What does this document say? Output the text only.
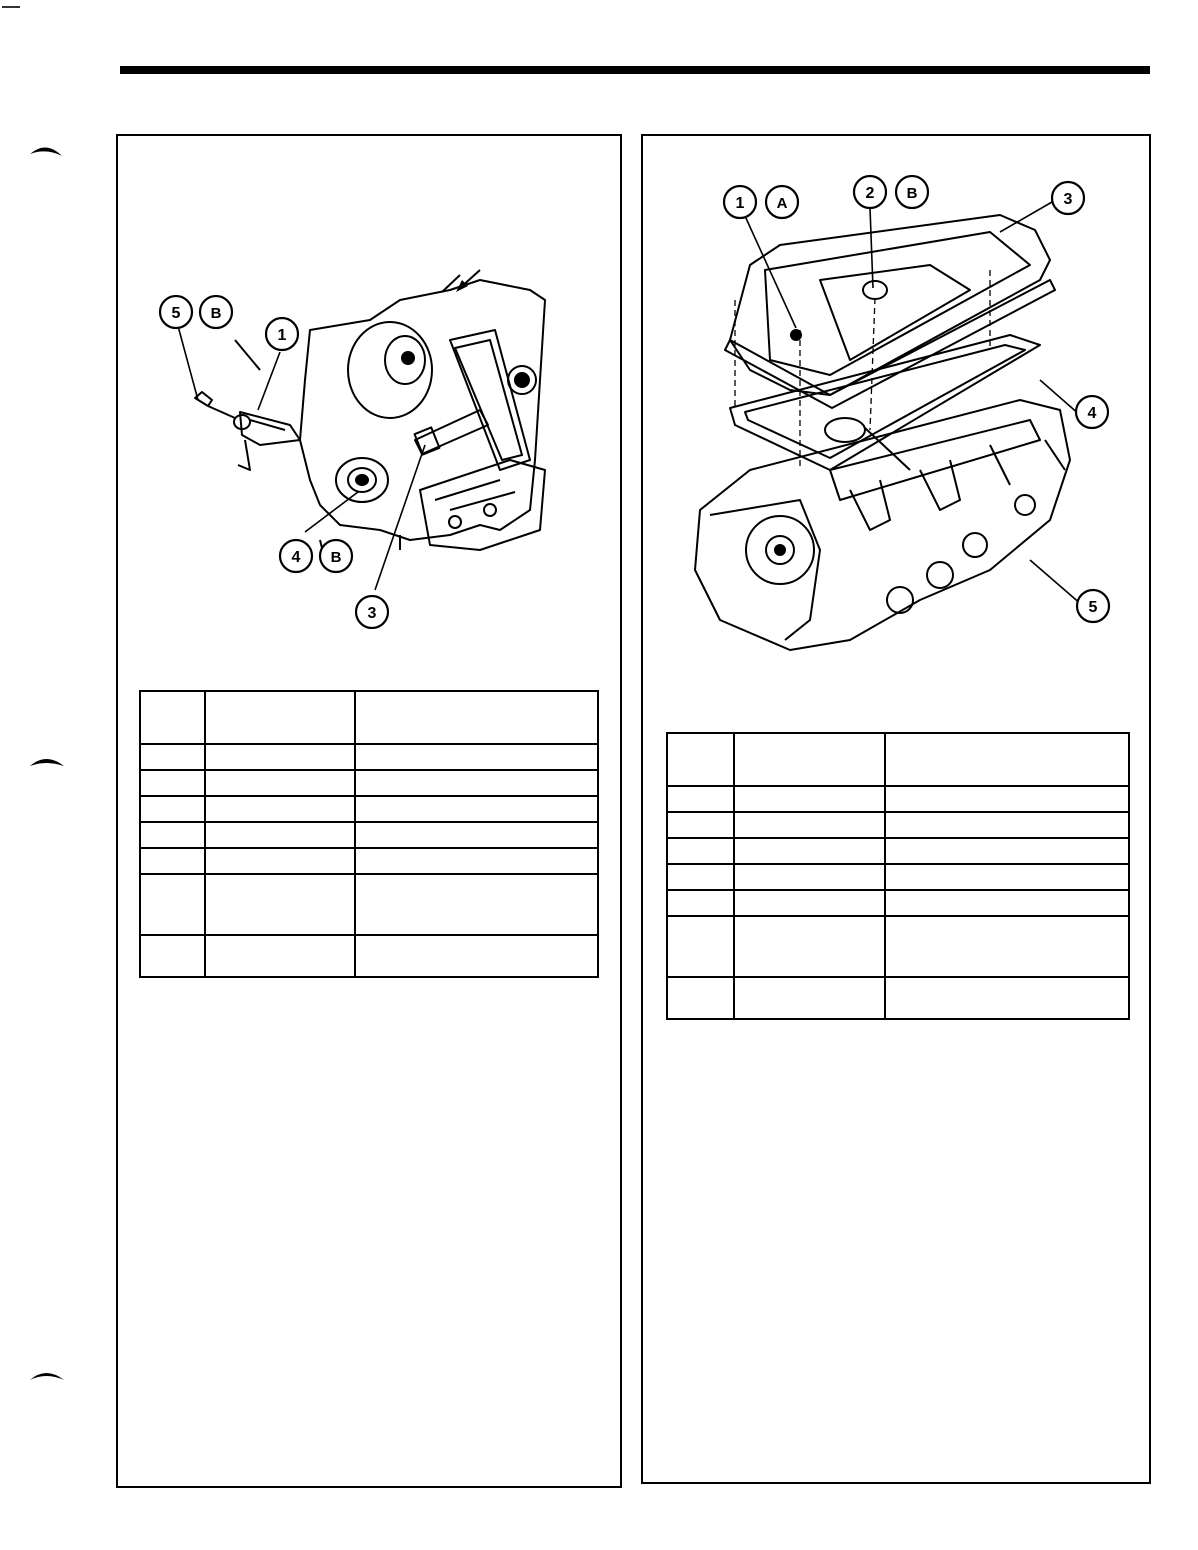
5 B
1
4 B
3

1 A
2 B	3
4
5
